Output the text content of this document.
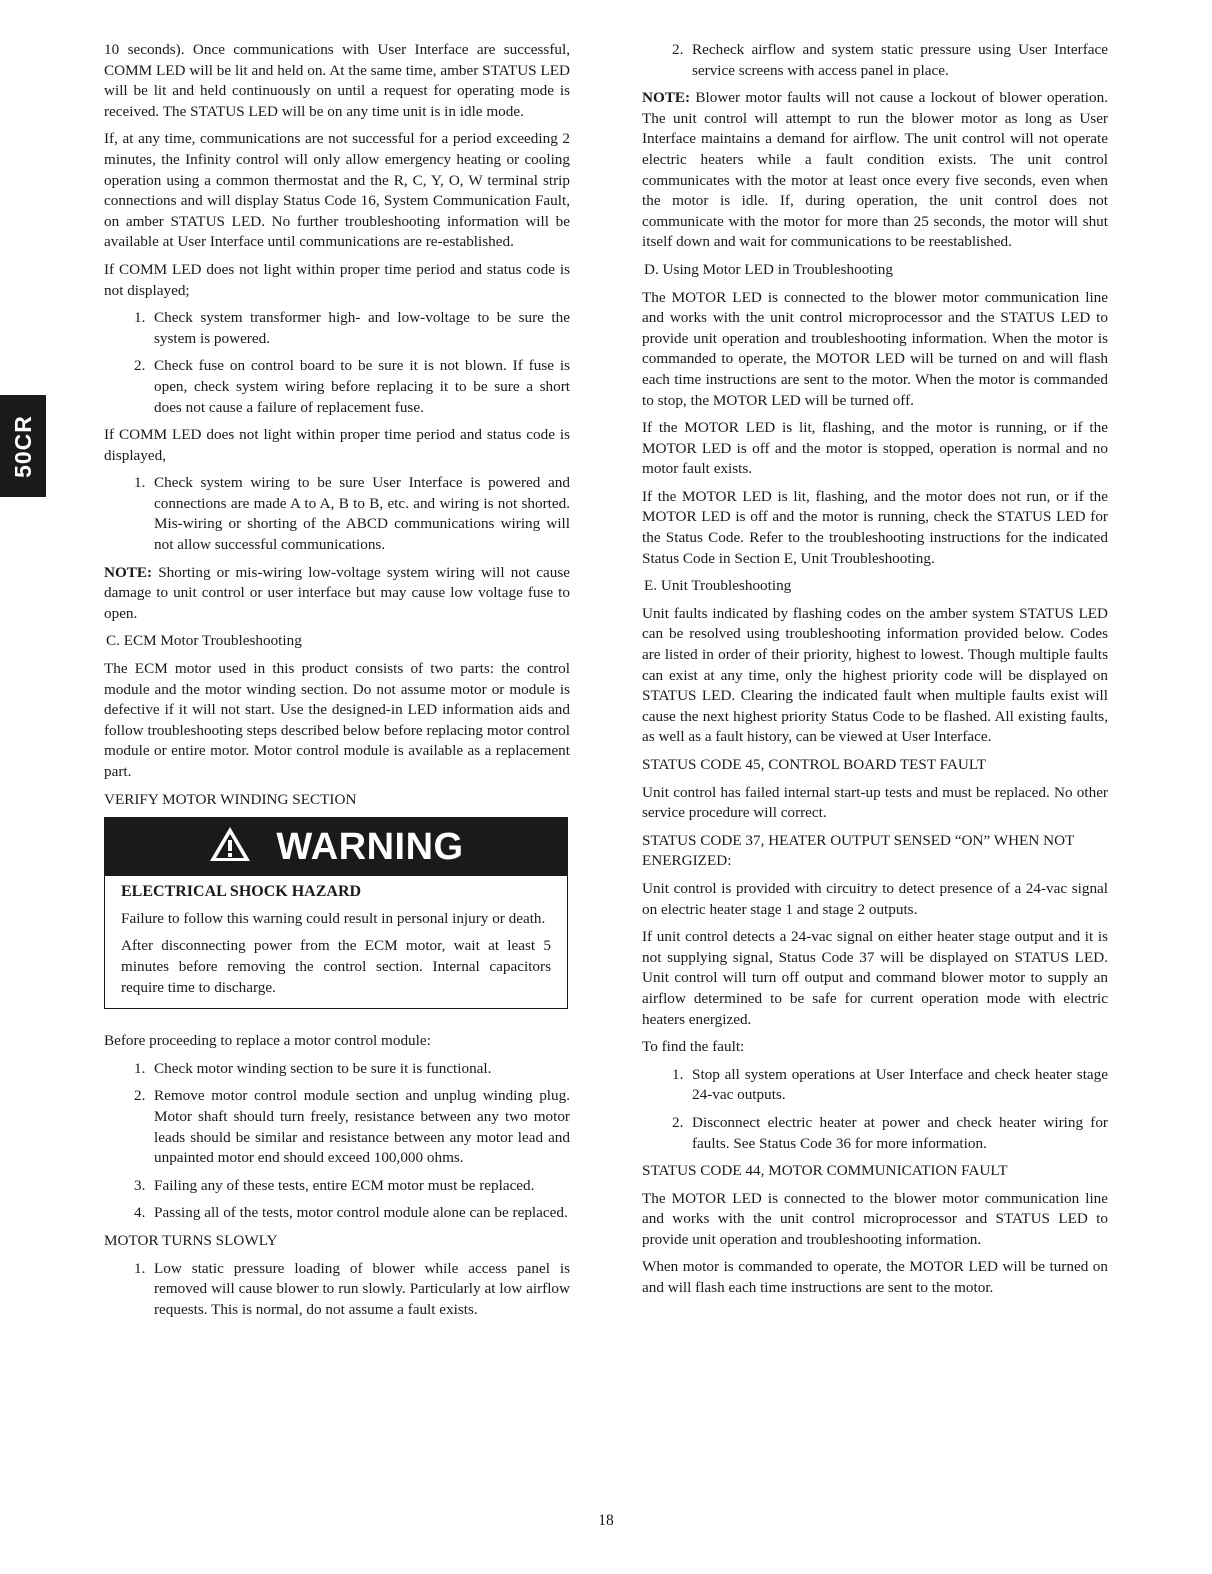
50CR

10 seconds). Once communications with User Interface are successful, COMM LED will be lit and held on. At the same time, amber STATUS LED will be lit and held continuously on until a request for operating mode is received. The STATUS LED will be on any time unit is in idle mode.

If, at any time, communications are not successful for a period exceeding 2 minutes, the Infinity control will only allow emergency heating or cooling operation using a common thermostat and the R, C, Y, O, W terminal strip connections and will display Status Code 16, System Communication Fault, on amber STATUS LED. No further troubleshooting information will be available at User Interface until communications are re-established.

If COMM LED does not light within proper time period and status code is not displayed;

1. Check system transformer high- and low-voltage to be sure the system is powered.
2. Check fuse on control board to be sure it is not blown. If fuse is open, check system wiring before replacing it to be sure a short does not cause a failure of replacement fuse.

If COMM LED does not light within proper time period and status code is displayed,

1. Check system wiring to be sure User Interface is powered and connections are made A to A, B to B, etc. and wiring is not shorted. Mis-wiring or shorting of the ABCD communications wiring will not allow successful communications.

NOTE: Shorting or mis-wiring low-voltage system wiring will not cause damage to unit control or user interface but may cause low voltage fuse to open.

C. ECM Motor Troubleshooting

The ECM motor used in this product consists of two parts: the control module and the motor winding section. Do not assume motor or module is defective if it will not start. Use the designed-in LED information aids and follow troubleshooting steps described below before replacing motor control module or entire motor. Motor control module is available as a replacement part.

VERIFY MOTOR WINDING SECTION
WARNING
ELECTRICAL SHOCK HAZARD

Failure to follow this warning could result in personal injury or death.

After disconnecting power from the ECM motor, wait at least 5 minutes before removing the control section. Internal capacitors require time to discharge.

Before proceeding to replace a motor control module:

1. Check motor winding section to be sure it is functional.
2. Remove motor control module section and unplug winding plug. Motor shaft should turn freely, resistance between any two motor leads should be similar and resistance between any motor lead and unpainted motor end should exceed 100,000 ohms.
3. Failing any of these tests, entire ECM motor must be replaced.
4. Passing all of the tests, motor control module alone can be replaced.
MOTOR TURNS SLOWLY
1. Low static pressure loading of blower while access panel is removed will cause blower to run slowly. Particularly at low airflow requests. This is normal, do not assume a fault exists.
2. Recheck airflow and system static pressure using User Interface service screens with access panel in place.

NOTE: Blower motor faults will not cause a lockout of blower operation. The unit control will attempt to run the blower motor as long as User Interface maintains a demand for airflow. The unit control will not operate electric heaters while a fault condition exists. The unit control communicates with the motor at least once every five seconds, even when the motor is idle. If, during operation, the unit control does not communicate with the motor for more than 25 seconds, the motor will shut itself down and wait for communications to be reestablished.

D. Using Motor LED in Troubleshooting

The MOTOR LED is connected to the blower motor communication line and works with the unit control microprocessor and the STATUS LED to provide unit operation and troubleshooting information. When the motor is commanded to operate, the MOTOR LED will be turned on and will flash each time instructions are sent to the motor. When the motor is commanded to stop, the MOTOR LED will be turned off.

If the MOTOR LED is lit, flashing, and the motor is running, or if the MOTOR LED is off and the motor is stopped, operation is normal and no motor fault exists.

If the MOTOR LED is lit, flashing, and the motor does not run, or if the MOTOR LED is off and the motor is running, check the STATUS LED for the Status Code. Refer to the troubleshooting instructions for the indicated Status Code in Section E, Unit Troubleshooting.

E. Unit Troubleshooting

Unit faults indicated by flashing codes on the amber system STATUS LED can be resolved using troubleshooting information provided below. Codes are listed in order of their priority, highest to lowest. Though multiple faults can exist at any time, only the highest priority code will be displayed on STATUS LED. Clearing the indicated fault when multiple faults exist will cause the next highest priority Status Code to be flashed. All existing faults, as well as a fault history, can be viewed at User Interface.

STATUS CODE 45, CONTROL BOARD TEST FAULT

Unit control has failed internal start-up tests and must be replaced. No other service procedure will correct.

STATUS CODE 37, HEATER OUTPUT SENSED “ON” WHEN NOT ENERGIZED:

Unit control is provided with circuitry to detect presence of a 24-vac signal on electric heater stage 1 and stage 2 outputs.

If unit control detects a 24-vac signal on either heater stage output and it is not supplying signal, Status Code 37 will be displayed on STATUS LED. Unit control will turn off output and command blower motor to supply an airflow determined to be safe for current operation mode with electric heaters energized.

To find the fault:

1. Stop all system operations at User Interface and check heater stage 24-vac outputs.
2. Disconnect electric heater at power and check heater wiring for faults. See Status Code 36 for more information.
STATUS CODE 44, MOTOR COMMUNICATION FAULT

The MOTOR LED is connected to the blower motor communication line and works with the unit control microprocessor and STATUS LED to provide unit operation and troubleshooting information.

When motor is commanded to operate, the MOTOR LED will be turned on and will flash each time instructions are sent to the motor.

18
